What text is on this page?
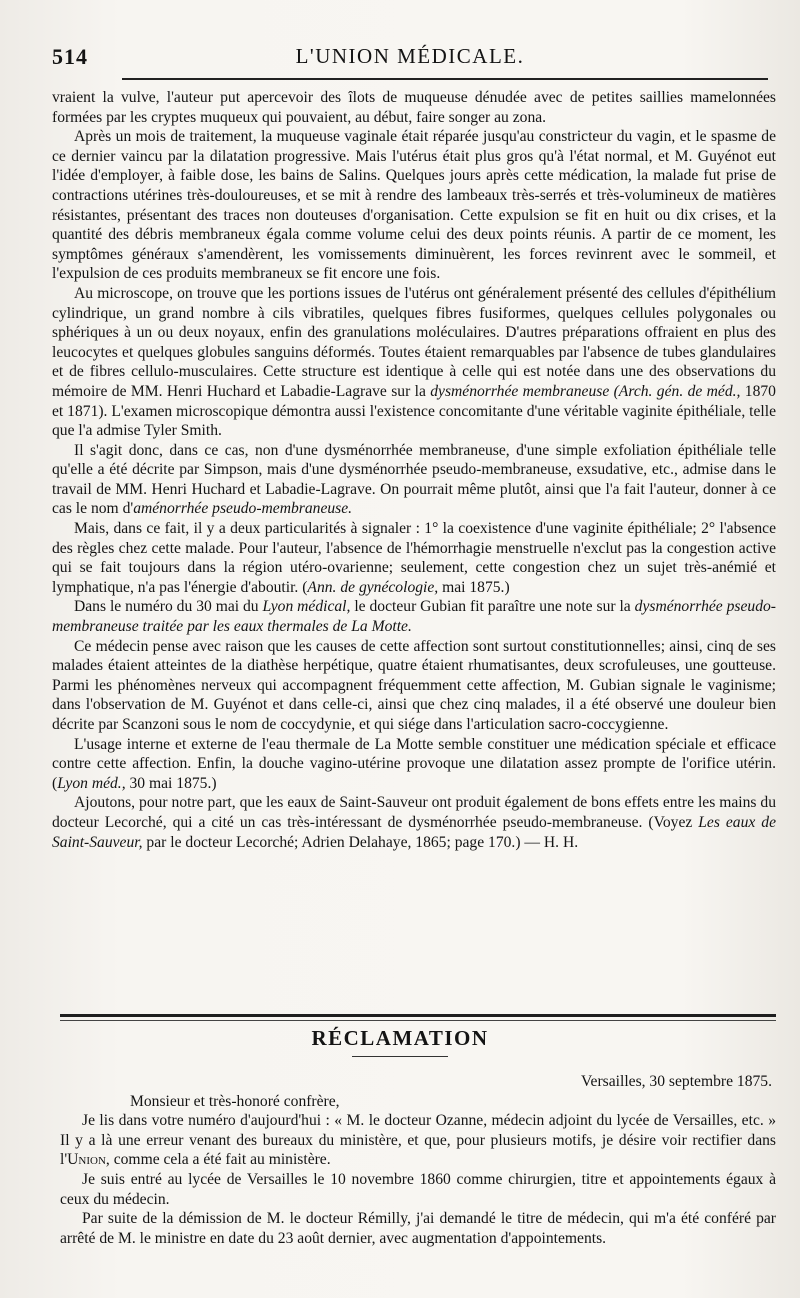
514	L'UNION MÉDICALE.

vraient la vulve, l'auteur put apercevoir des îlots de muqueuse dénudée avec de petites saillies mamelonnées formées par les cryptes muqueux qui pouvaient, au début, faire songer au zona.

Après un mois de traitement, la muqueuse vaginale était réparée jusqu'au constricteur du vagin, et le spasme de ce dernier vaincu par la dilatation progressive. Mais l'utérus était plus gros qu'à l'état normal, et M. Guyénot eut l'idée d'employer, à faible dose, les bains de Salins. Quelques jours après cette médication, la malade fut prise de contractions utérines très-douloureuses, et se mit à rendre des lambeaux très-serrés et très-volumineux de matières résistantes, présentant des traces non douteuses d'organisation. Cette expulsion se fit en huit ou dix crises, et la quantité des débris membraneux égala comme volume celui des deux points réunis. A partir de ce moment, les symptômes généraux s'amendèrent, les vomissements diminuèrent, les forces revinrent avec le sommeil, et l'expulsion de ces produits membraneux se fit encore une fois.

Au microscope, on trouve que les portions issues de l'utérus ont généralement présenté des cellules d'épithélium cylindrique, un grand nombre à cils vibratiles, quelques fibres fusiformes, quelques cellules polygonales ou sphériques à un ou deux noyaux, enfin des granulations moléculaires. D'autres préparations offraient en plus des leucocytes et quelques globules sanguins déformés. Toutes étaient remarquables par l'absence de tubes glandulaires et de fibres cellulo-musculaires. Cette structure est identique à celle qui est notée dans une des observations du mémoire de MM. Henri Huchard et Labadie-Lagrave sur la dysménorrhée membraneuse (Arch. gén. de méd., 1870 et 1871). L'examen microscopique démontra aussi l'existence concomitante d'une véritable vaginite épithéliale, telle que l'a admise Tyler Smith.

Il s'agit donc, dans ce cas, non d'une dysménorrhée membraneuse, d'une simple exfoliation épithéliale telle qu'elle a été décrite par Simpson, mais d'une dysménorrhée pseudo-membraneuse, exsudative, etc., admise dans le travail de MM. Henri Huchard et Labadie-Lagrave. On pourrait même plutôt, ainsi que l'a fait l'auteur, donner à ce cas le nom d'aménorrhée pseudo-membraneuse.

Mais, dans ce fait, il y a deux particularités à signaler : 1° la coexistence d'une vaginite épithéliale; 2° l'absence des règles chez cette malade. Pour l'auteur, l'absence de l'hémorrhagie menstruelle n'exclut pas la congestion active qui se fait toujours dans la région utéro-ovarienne; seulement, cette congestion chez un sujet très-anémié et lymphatique, n'a pas l'énergie d'aboutir. (Ann. de gynécologie, mai 1875.)

Dans le numéro du 30 mai du Lyon médical, le docteur Gubian fit paraître une note sur la dysménorrhée pseudo-membraneuse traitée par les eaux thermales de La Motte.

Ce médecin pense avec raison que les causes de cette affection sont surtout constitutionnelles; ainsi, cinq de ses malades étaient atteintes de la diathèse herpétique, quatre étaient rhumatisantes, deux scrofuleuses, une goutteuse. Parmi les phénomènes nerveux qui accompagnent fréquemment cette affection, M. Gubian signale le vaginisme; dans l'observation de M. Guyénot et dans celle-ci, ainsi que chez cinq malades, il a été observé une douleur bien décrite par Scanzoni sous le nom de coccydynie, et qui siége dans l'articulation sacro-coccygienne.

L'usage interne et externe de l'eau thermale de La Motte semble constituer une médication spéciale et efficace contre cette affection. Enfin, la douche vagino-utérine provoque une dilatation assez prompte de l'orifice utérin. (Lyon méd., 30 mai 1875.)

Ajoutons, pour notre part, que les eaux de Saint-Sauveur ont produit également de bons effets entre les mains du docteur Lecorché, qui a cité un cas très-intéressant de dysménorrhée pseudo-membraneuse. (Voyez Les eaux de Saint-Sauveur, par le docteur Lecorché; Adrien Delahaye, 1865; page 170.) — H. H.

RÉCLAMATION
Versailles, 30 septembre 1875.
Monsieur et très-honoré confrère,

Je lis dans votre numéro d'aujourd'hui : « M. le docteur Ozanne, médecin adjoint du lycée de Versailles, etc. » Il y a là une erreur venant des bureaux du ministère, et que, pour plusieurs motifs, je désire voir rectifier dans l'Union, comme cela a été fait au ministère.

Je suis entré au lycée de Versailles le 10 novembre 1860 comme chirurgien, titre et appointements égaux à ceux du médecin.

Par suite de la démission de M. le docteur Rémilly, j'ai demandé le titre de médecin, qui m'a été conféré par arrêté de M. le ministre en date du 23 août dernier, avec augmentation d'appointements.
